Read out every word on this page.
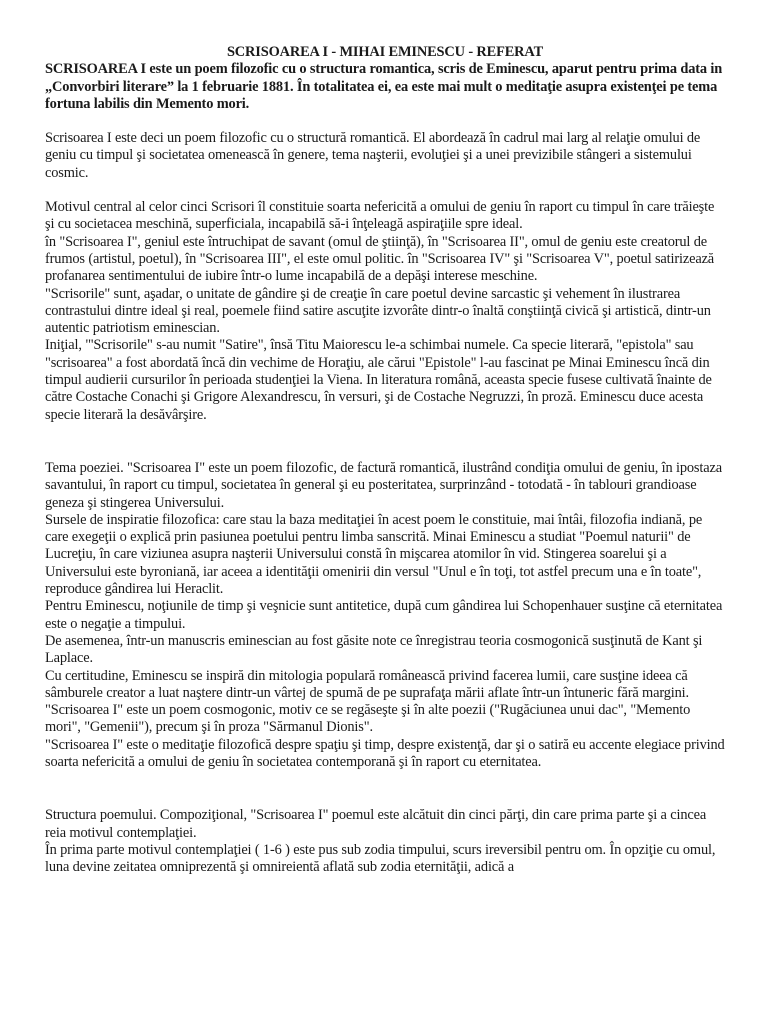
SCRISOAREA I - MIHAI EMINESCU - REFERAT

SCRISOAREA I este un poem filozofic cu o structura romantica, scris de Eminescu, aparut pentru prima data in „Convorbiri literare” la 1 februarie 1881. În totalitatea ei, ea este mai mult o meditaţie asupra existenţei pe tema fortuna labilis din Memento mori.

Scrisoarea I este deci un poem filozofic cu o structură romantică. El abordează în cadrul mai larg al relaţie omului de geniu cu timpul şi societatea omenească în genere, tema naşterii, evoluţiei şi a unei previzibile stângeri a sistemului cosmic.

Motivul central al celor cinci Scrisori îl constituie soarta nefericită a omului de geniu în raport cu timpul în care trăieşte şi cu societacea meschină, superficiala, incapabilă să-i înţeleagă aspiraţiile spre ideal.

în "Scrisoarea I", geniul este întruchipat de savant (omul de ştiinţă), în "Scrisoarea II", omul de geniu este creatorul de frumos (artistul, poetul), în "Scrisoarea III", el este omul politic. în "Scrisoarea IV" şi "Scrisoarea V", poetul satirizează profanarea sentimentului de iubire într-o lume incapabilă de a depăşi interese meschine.

"Scrisorile" sunt, aşadar, o unitate de gândire şi de creaţie în care poetul devine sarcastic şi vehement în ilustrarea contrastului dintre ideal şi real, poemele fiind satire ascuţite izvorâte dintr-o înaltă conştiinţă civică şi artistică, dintr-un autentic patriotism eminescian.

Iniţial, "'Scrisorile" s-au numit "Satire", însă Titu Maiorescu le-a schimbai numele. Ca specie literară, "epistola" sau "scrisoarea" a fost abordată încă din vechime de Horaţiu, ale cărui "Epistole" l-au fascinat pe Minai Eminescu încă din timpul audierii cursurilor în perioada studenţiei la Viena. In literatura română, aceasta specie fusese cultivată înainte de către Costache Conachi şi Grigore Alexandrescu, în versuri, şi de Costache Negruzzi, în proză. Eminescu duce acesta specie literară la desăvârşire.

Tema poeziei. "Scrisoarea I" este un poem filozofic, de factură romantică, ilustrând condiţia omului de geniu, în ipostaza savantului, în raport cu timpul, societatea în general şi eu posteritatea, surprinzând - totodată - în tablouri grandioase geneza şi stingerea Universului.

Sursele de inspiratie filozofica: care stau la baza meditaţiei în acest poem le constituie, mai întâi, filozofia indiană, pe care exegeţii o explică prin pasiunea poetului pentru limba sanscrită. Minai Eminescu a studiat "Poemul naturii" de Lucreţiu, în care viziunea asupra naşterii Universului constă în mişcarea atomilor în vid. Stingerea soarelui şi a Universului este byroniană, iar aceea a identităţii omenirii din versul "Unul e în toţi, tot astfel precum una e în toate", reproduce gândirea lui Heraclit.

Pentru Eminescu, noţiunile de timp şi veşnicie sunt antitetice, după cum gândirea lui Schopenhauer susţine că eternitatea este o negaţie a timpului.

De asemenea, într-un manuscris eminescian au fost găsite note ce înregistrau teoria cosmogonică susţinută de Kant şi Laplace.

Cu certitudine, Eminescu se inspiră din mitologia populară românească privind facerea lumii, care susţine ideea că sâmburele creator a luat naştere dintr-un vârtej de spumă de pe suprafaţa mării aflate într-un întuneric fără margini.

"Scrisoarea I" este un poem cosmogonic, motiv ce se regăseşte şi în alte poezii ("Rugăciunea unui dac", "Memento mori", "Gemenii"), precum şi în proza "Sărmanul Dionis".

"Scrisoarea I" este o meditaţie filozofică despre spaţiu şi timp, despre existenţă, dar şi o satiră eu accente elegiace privind soarta nefericită a omului de geniu în societatea contemporană şi în raport cu eternitatea.

Structura poemului. Compoziţional, "Scrisoarea I" poemul este alcătuit din cinci părţi, din care prima parte şi a cincea reia motivul contemplaţiei.

În prima parte motivul contemplaţiei ( 1-6 ) este pus sub zodia timpului, scurs ireversibil pentru om. În opziţie cu omul, luna devine zeitatea omniprezentă şi omnireientă aflată sub zodia eternităţii, adică a
